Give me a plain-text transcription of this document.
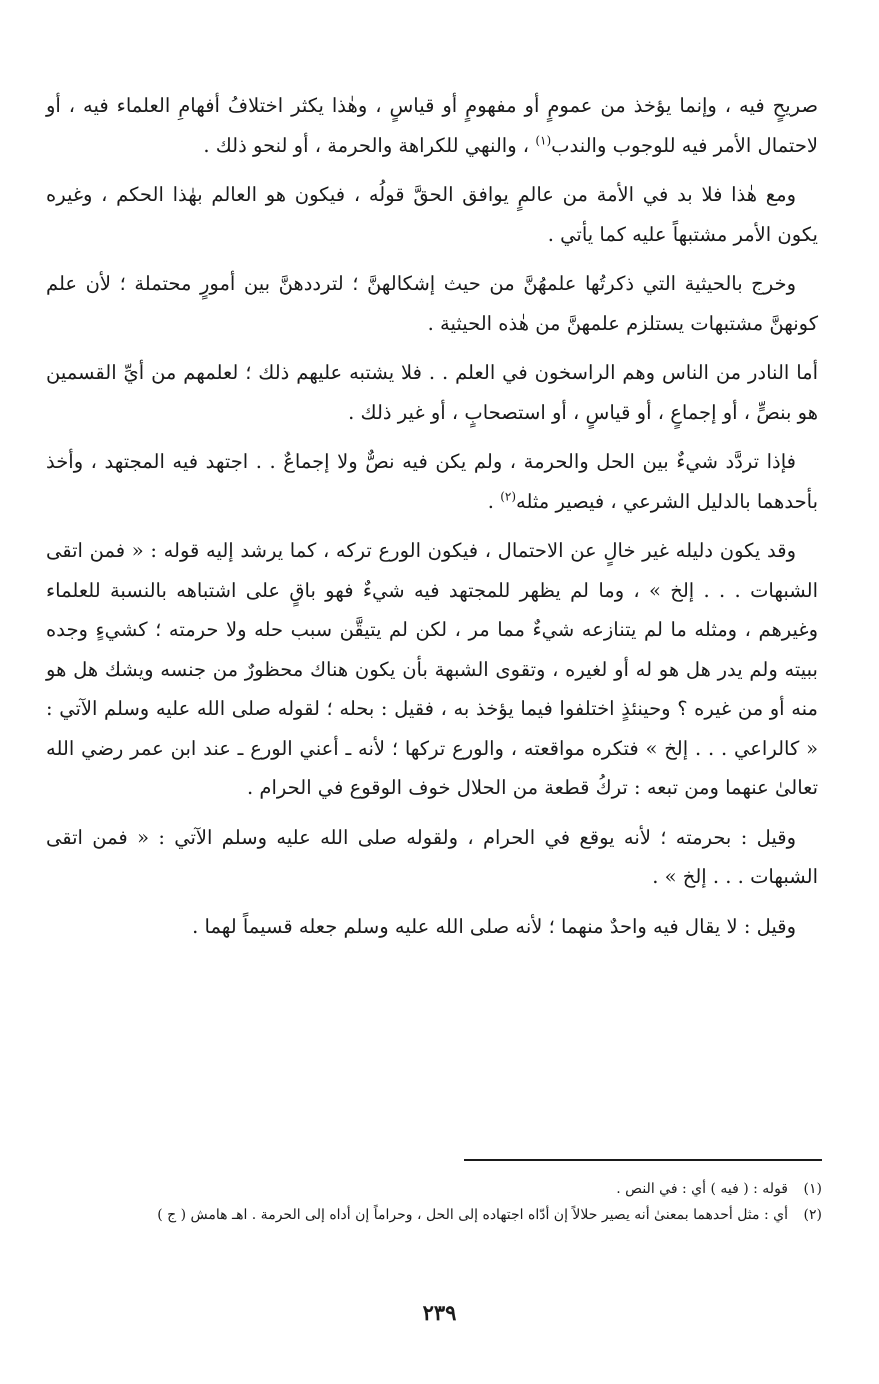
صريحٍ فيه ، وإنما يؤخذ من عمومٍ أو مفهومٍ أو قياسٍ ، وهٰذا يكثر اختلافُ أفهامِ العلماء فيه ، أو لاحتمال الأمر فيه للوجوب والندب$^{(١)}$ ، والنهي للكراهة والحرمة ، أو لنحو ذلك .

ومع هٰذا فلا بد في الأمة من عالمٍ يوافق الحقَّ قولُه ، فيكون هو العالم بهٰذا الحكم ، وغيره يكون الأمر مشتبهاً عليه كما يأتي .

وخرج بالحيثية التي ذكرتُها علمهُنَّ من حيث إشكالهنَّ ؛ لترددهنَّ بين أمورٍ محتملة ؛ لأن علم كونهنَّ مشتبهات يستلزم علمهنَّ من هٰذه الحيثية .

أما النادر من الناس وهم الراسخون في العلم . . فلا يشتبه عليهم ذلك ؛ لعلمهم من أيِّ القسمين هو بنصٍّ ، أو إجماعٍ ، أو قياسٍ ، أو استصحابٍ ، أو غير ذلك .

فإذا تردَّد شيءٌ بين الحل والحرمة ، ولم يكن فيه نصٌّ ولا إجماعٌ . . اجتهد فيه المجتهد ، وأخذ بأحدهما بالدليل الشرعي ، فيصير مثله$^{(٢)}$ .

وقد يكون دليله غير خالٍ عن الاحتمال ، فيكون الورع تركه ، كما يرشد إليه قوله : « فمن اتقى الشبهات . . . إلخ » ، وما لم يظهر للمجتهد فيه شيءٌ فهو باقٍ على اشتباهه بالنسبة للعلماء وغيرهم ، ومثله ما لم يتنازعه شيءٌ مما مر ، لكن لم يتيقَّن سبب حله ولا حرمته ؛ كشيءٍ وجده ببيته ولم يدر هل هو له أو لغيره ، وتقوى الشبهة بأن يكون هناك محظورٌ من جنسه ويشك هل هو منه أو من غيره ؟ وحينئذٍ اختلفوا فيما يؤخذ به ، فقيل : بحله ؛ لقوله صلى الله عليه وسلم الآتي : « كالراعي . . . إلخ » فتكره مواقعته ، والورع تركها ؛ لأنه ـ أعني الورع ـ عند ابن عمر رضي الله تعالىٰ عنهما ومن تبعه : تركُ قطعة من الحلال خوف الوقوع في الحرام .

وقيل : بحرمته ؛ لأنه يوقع في الحرام ، ولقوله صلى الله عليه وسلم الآتي : « فمن اتقى الشبهات . . . إلخ » .

وقيل : لا يقال فيه واحدٌ منهما ؛ لأنه صلى الله عليه وسلم جعله قسيماً لهما .

(١)
قوله : ( فيه ) أي : في النص .
(٢)
أي : مثل أحدهما بمعنىٰ أنه يصير حلالاً إن أدّاه اجتهاده إلى الحل ، وحراماً إن أداه إلى الحرمة . اهـ هامش ( ج )
٢٣٩
